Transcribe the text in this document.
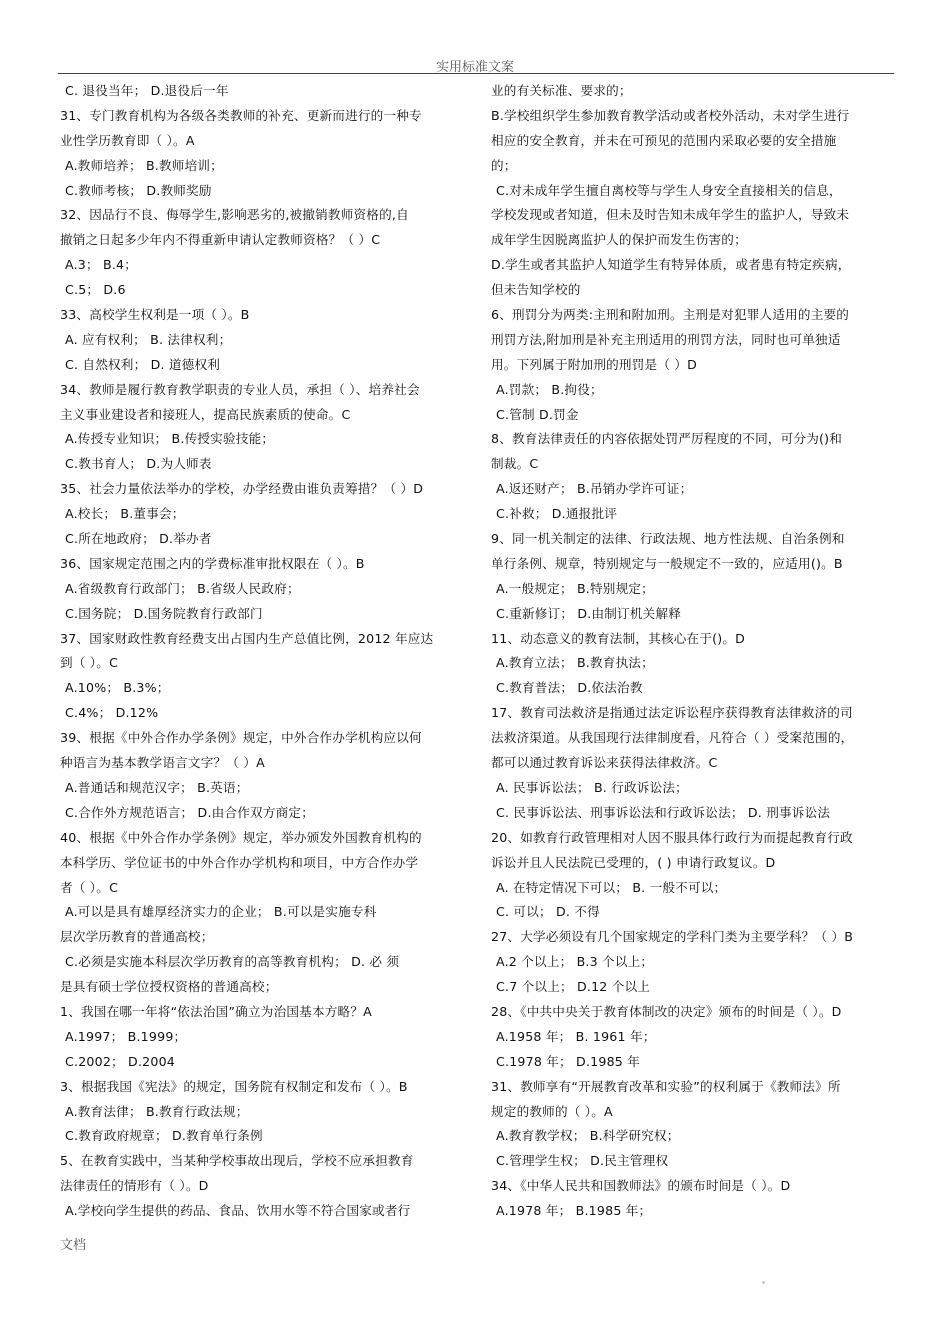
实用标准文案
C. 退役当年； D.退役后一年
31、专门教育机构为各级各类教师的补充、更新而进行的一种专
业性学历教育即（ ）。A
A.教师培养； B.教师培训；
C.教师考核； D.教师奖励
32、因品行不良、侮辱学生,影响恶劣的,被撤销教师资格的,自
撤销之日起多少年内不得重新申请认定教师资格？（ ）C
A.3； B.4；
C.5； D.6
33、高校学生权利是一项（ ）。B
A. 应有权利； B. 法律权利；
C. 自然权利； D. 道德权利
34、教师是履行教育教学职责的专业人员，承担（ ）、培养社会
主义事业建设者和接班人，提高民族素质的使命。C
A.传授专业知识； B.传授实验技能；
C.教书育人； D.为人师表
35、社会力量依法举办的学校，办学经费由谁负责筹措？（ ）D
A.校长； B.董事会；
C.所在地政府； D.举办者
36、国家规定范围之内的学费标准审批权限在（ ）。B
A.省级教育行政部门； B.省级人民政府；
C.国务院； D.国务院教育行政部门
37、国家财政性教育经费支出占国内生产总值比例，2012 年应达
到（ ）。C
A.10%； B.3%；
C.4%； D.12%
39、根据《中外合作办学条例》规定，中外合作办学机构应以何
种语言为基本教学语言文字？（ ）A
A.普通话和规范汉字； B.英语；
C.合作外方规范语言； D.由合作双方商定；
40、根据《中外合作办学条例》规定，举办颁发外国教育机构的
本科学历、学位证书的中外合作办学机构和项目，中方合作办学
者（ ）。C
A.可以是具有雄厚经济实力的企业； B.可以是实施专科
层次学历教育的普通高校；
C.必须是实施本科层次学历教育的高等教育机构； D. 必 须
是具有硕士学位授权资格的普通高校；
1、我国在哪一年将“依法治国”确立为治国基本方略？A
A.1997； B.1999；
C.2002； D.2004
3、根据我国《宪法》的规定，国务院有权制定和发布（ ）。B
A.教育法律； B.教育行政法规；
C.教育政府规章； D.教育单行条例
5、在教育实践中，当某种学校事故出现后，学校不应承担教育
法律责任的情形有（ ）。D
A.学校向学生提供的药品、食品、饮用水等不符合国家或者行
业的有关标准、要求的；
B.学校组织学生参加教育教学活动或者校外活动，未对学生进行
相应的安全教育，并未在可预见的范围内采取必要的安全措施
的；
C.对未成年学生擅自离校等与学生人身安全直接相关的信息，
学校发现或者知道，但未及时告知未成年学生的监护人，导致未
成年学生因脱离监护人的保护而发生伤害的；
D.学生或者其监护人知道学生有特异体质，或者患有特定疾病，
但未告知学校的
6、刑罚分为两类:主刑和附加刑。主刑是对犯罪人适用的主要的
刑罚方法,附加刑是补充主刑适用的刑罚方法，同时也可单独适
用。下列属于附加刑的刑罚是（ ）D
A.罚款； B.拘役；
C.管制 D.罚金
8、教育法律责任的内容依据处罚严厉程度的不同，可分为()和
制裁。C
A.返还财产； B.吊销办学许可证；
C.补救； D.通报批评
9、同一机关制定的法律、行政法规、地方性法规、自治条例和
单行条例、规章，特别规定与一般规定不一致的，应适用()。B
A.一般规定； B.特别规定；
C.重新修订； D.由制订机关解释
11、动态意义的教育法制，其核心在于()。D
A.教育立法； B.教育执法；
C.教育普法； D.依法治教
17、教育司法救济是指通过法定诉讼程序获得教育法律救济的司
法救济渠道。从我国现行法律制度看，凡符合（ ）受案范围的，
都可以通过教育诉讼来获得法律救济。C
A. 民事诉讼法； B. 行政诉讼法；
C. 民事诉讼法、刑事诉讼法和行政诉讼法； D. 刑事诉讼法
20、如教育行政管理相对人因不服具体行政行为而提起教育行政
诉讼并且人民法院已受理的，( ) 申请行政复议。D
A. 在特定情况下可以； B. 一般不可以；
C. 可以； D. 不得
27、大学必须设有几个国家规定的学科门类为主要学科？（ ）B
A.2 个以上； B.3 个以上；
C.7 个以上； D.12 个以上
28、《中共中央关于教育体制改的决定》颁布的时间是（ ）。D
A.1958 年； B. 1961 年；
C.1978 年； D.1985 年
31、教师享有“开展教育改革和实验”的权利属于《教师法》所
规定的教师的（ ）。A
A.教育教学权； B.科学研究权；
C.管理学生权； D.民主管理权
34、《中华人民共和国教师法》的颁布时间是（ ）。D
A.1978 年； B.1985 年；
文档
